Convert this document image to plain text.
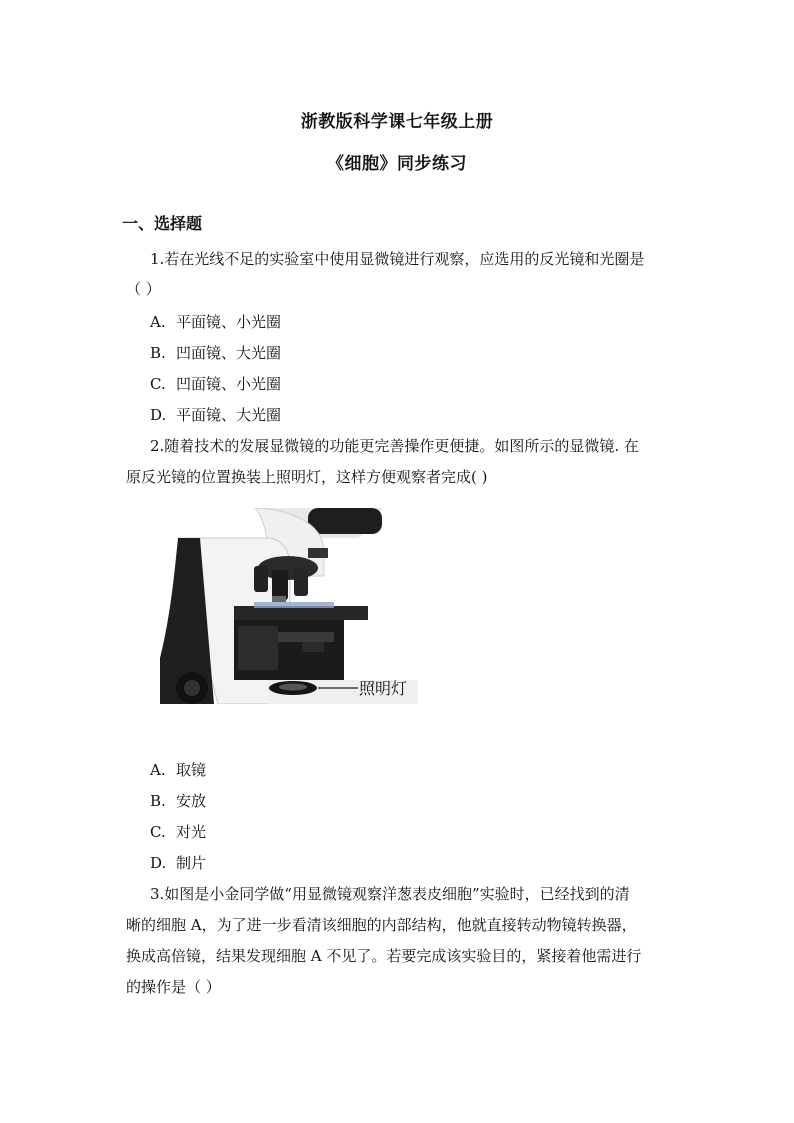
浙教版科学课七年级上册
《细胞》同步练习
一、选择题
1.若在光线不足的实验室中使用显微镜进行观察，应选用的反光镜和光圈是
（ ）
A. 平面镜、小光圈
B. 凹面镜、大光圈
C. 凹面镜、小光圈
D. 平面镜、大光圈
2.随着技术的发展显微镜的功能更完善操作更便捷。如图所示的显微镜. 在
原反光镜的位置换装上照明灯，这样方便观察者完成( )
照明灯
A. 取镜
B. 安放
C. 对光
D. 制片
3.如图是小金同学做“用显微镜观察洋葱表皮细胞”实验时，已经找到的清
晰的细胞 A，为了进一步看清该细胞的内部结构，他就直接转动物镜转换器，
换成高倍镜，结果发现细胞 A 不见了。若要完成该实验目的，紧接着他需进行
的操作是（ ）
